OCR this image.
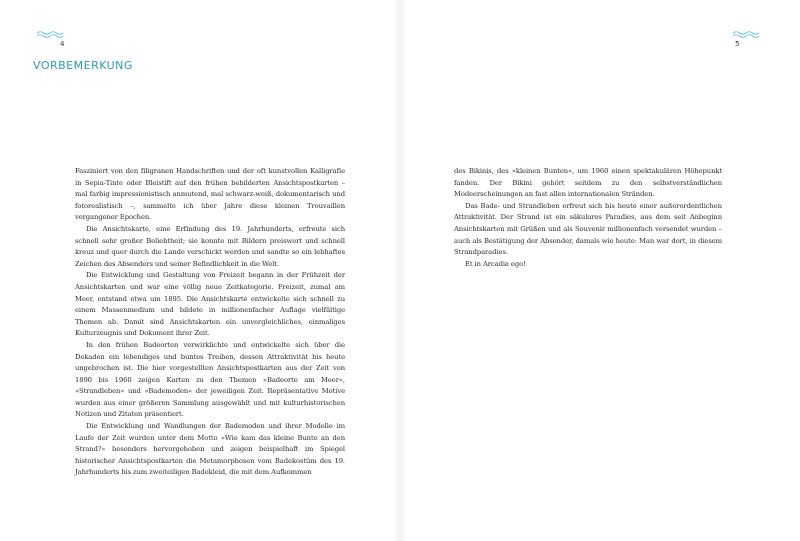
4
VORBEMERKUNG

Fasziniert von den filigranen Handschriften und der oft kunstvollen Kalligrafie in Sepia-Tinte oder Bleistift auf den frühen bebilderten Ansichtspostkarten – mal farbig impressionistisch anmutend, mal schwarz-weiß, dokumentarisch und fotorealistisch –, sammelte ich über Jahre diese kleinen Trouvaillen vergangener Epochen.

Die Ansichtskarte, eine Erfindung des 19. Jahrhunderts, erfreute sich schnell sehr großer Beliebtheit; sie konnte mit Bildern preiswert und schnell kreuz und quer durch die Lande verschickt werden und sandte so ein lebhaftes Zeichen des Absenders und seiner Befindlichkeit in die Welt.

Die Entwicklung und Gestaltung von Freizeit begann in der Frühzeit der Ansichtskarten und war eine völlig neue Zeitkategorie. Freizeit, zumal am Meer, entstand etwa um 1895. Die Ansichtskarte entwickelte sich schnell zu einem Massenmedium und bildete in millionenfacher Auflage vielfältige Themen ab. Damit sind Ansichtskarten ein unvergleichliches, einmaliges Kulturzeugnis und Dokument ihrer Zeit.

In den frühen Badeorten verwirklichte und entwickelte sich über die Dekaden ein lebendiges und buntes Treiben, dessen Attraktivität bis heute ungebrochen ist. Die hier vorgestellten Ansichtspostkarten aus der Zeit von 1890 bis 1960 zeigen Karten zu den Themen »Badeorte am Meer«, »Strandleben« und »Bademoden« der jeweiligen Zeit. Repräsentative Motive wurden aus einer größeren Sammlung ausgewählt und mit kulturhistorischen Notizen und Zitaten präsentiert.

Die Entwicklung und Wandlungen der Bademoden und ihrer Modelle im Laufe der Zeit wurden unter dem Motto »Wie kam das kleine Bunte an den Strand?« besonders hervorgehoben und zeigen beispielhaft im Spiegel historischer Ansichtspostkarten die Metamorphosen vom Badekostüm des 19. Jahrhunderts bis zum zweiteiligen Badekleid, die mit dem Aufkommen

5

des Bikinis, des »kleinen Bunten«, um 1960 einen spektakulären Höhepunkt fanden. Der Bikini gehört seitdem zu den selbstverständlichen Modeerscheinungen an fast allen internationalen Stränden.

Das Bade- und Strandleben erfreut sich bis heute einer außerordentlichen Attraktivität. Der Strand ist ein säkulares Paradies, aus dem seit Anbeginn Ansichtskarten mit Grüßen und als Souvenir millionenfach versendet wurden – auch als Bestätigung der Absender, damals wie heute: Man war dort, in diesem Strandparadies.

Et in Arcadia ego!
